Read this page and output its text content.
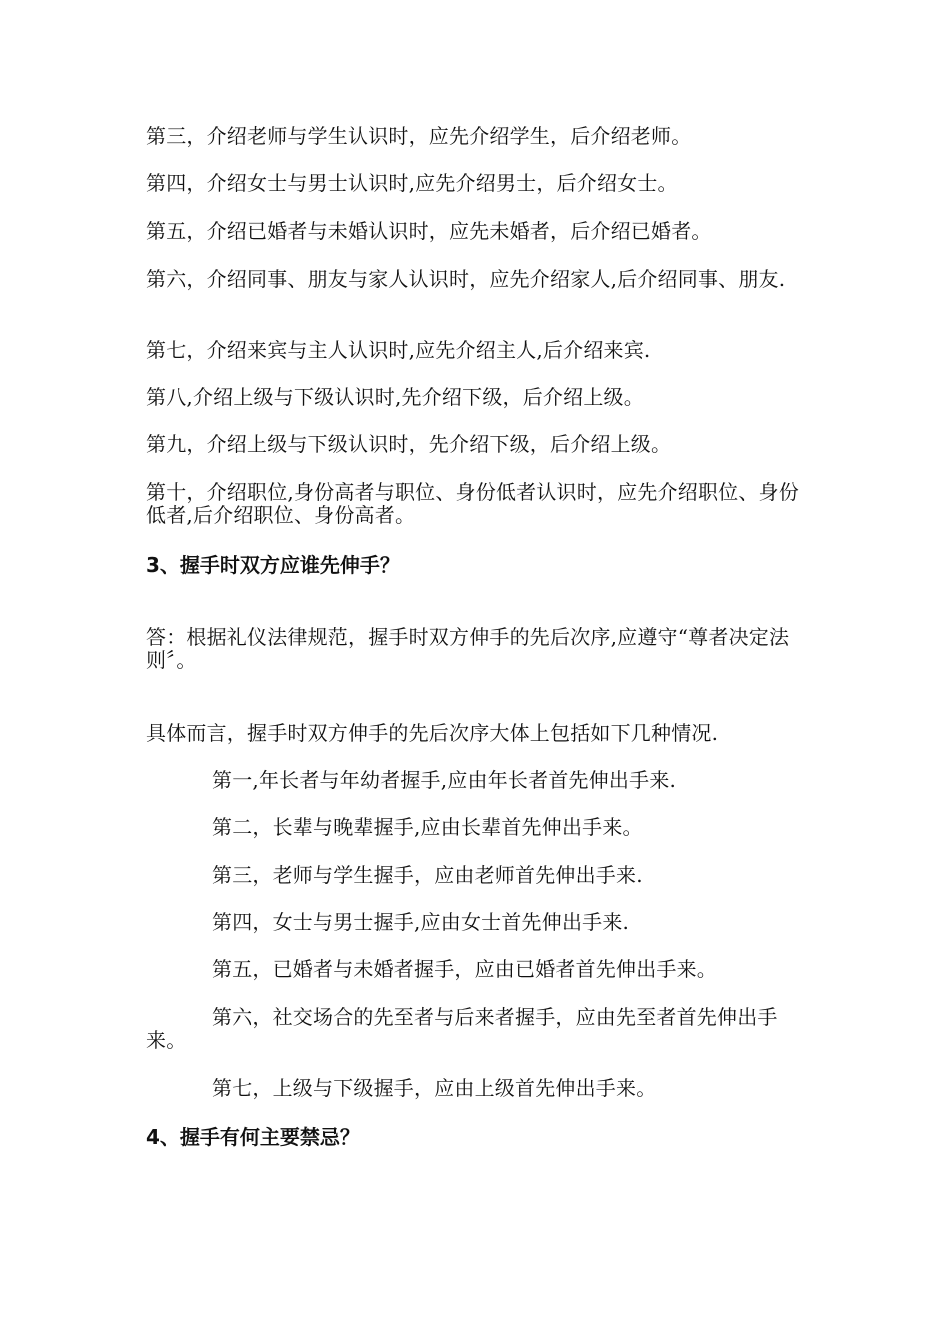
第三，介绍老师与学生认识时，应先介绍学生，后介绍老师。
第四，介绍女士与男士认识时,应先介绍男士，后介绍女士。
第五，介绍已婚者与未婚认识时，应先未婚者，后介绍已婚者。
第六，介绍同事、朋友与家人认识时，应先介绍家人,后介绍同事、朋友.
第七，介绍来宾与主人认识时,应先介绍主人,后介绍来宾.
第八,介绍上级与下级认识时,先介绍下级，后介绍上级。
第九，介绍上级与下级认识时，先介绍下级，后介绍上级。
第十，介绍职位,身份高者与职位、身份低者认识时，应先介绍职位、身份低者,后介绍职位、身份高者。
3、握手时双方应谁先伸手？
答：根据礼仪法律规范，握手时双方伸手的先后次序,应遵守“尊者决定法则〞。
具体而言，握手时双方伸手的先后次序大体上包括如下几种情况.
第一,年长者与年幼者握手,应由年长者首先伸出手来.
第二，长辈与晚辈握手,应由长辈首先伸出手来。
第三，老师与学生握手，应由老师首先伸出手来.
第四，女士与男士握手,应由女士首先伸出手来.
第五，已婚者与未婚者握手，应由已婚者首先伸出手来。
第六，社交场合的先至者与后来者握手，应由先至者首先伸出手来。
第七，上级与下级握手，应由上级首先伸出手来。
4、握手有何主要禁忌？
